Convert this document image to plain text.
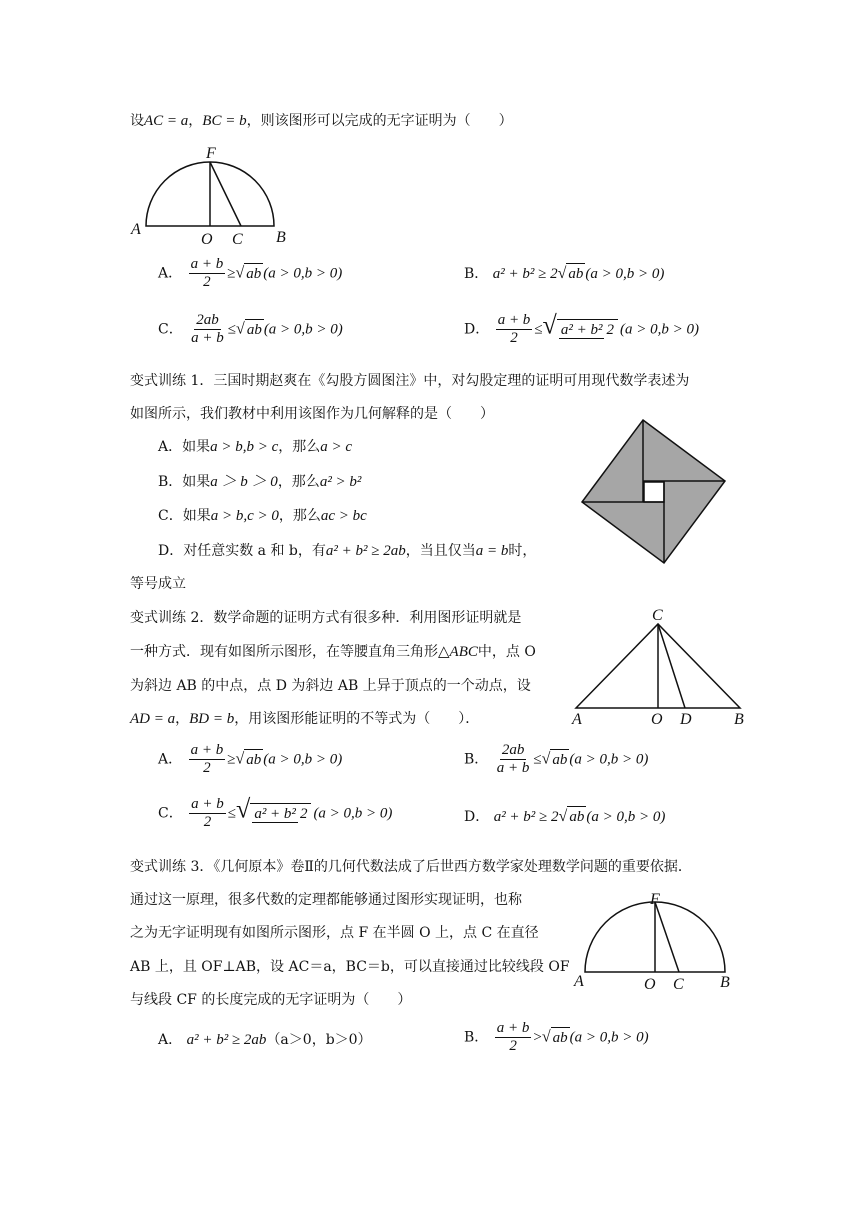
设AC = a，BC = b，则该图形可以完成的无字证明为（　　）
F
A
O C B
A． $\frac{a + b}{2}$ ≥√ ab (a > 0,b > 0)	B． a² + b² ≥ 2√ ab (a > 0,b > 0)
C． $\frac{2ab}{a + b}$ ≤√ ab (a > 0,b > 0)	D． $\frac{a + b}{2}$ ≤√ a² + b² 2 (a > 0,b > 0)
变式训练 1．三国时期赵爽在《勾股方圆图注》中，对勾股定理的证明可用现代数学表述为
如图所示，我们教材中利用该图作为几何解释的是（　　）
A．如果a > b,b > c，那么a > c
B．如果a ＞ b ＞ 0，那么a² > b²
C．如果a > b,c > 0，那么ac > bc
D．对任意实数 a 和 b，有a² + b² ≥ 2ab，当且仅当a = b时，
等号成立
变式训练 2．数学命题的证明方式有很多种．利用图形证明就是
一种方式．现有如图所示图形，在等腰直角三角形△ABC中，点 O
为斜边 AB 的中点，点 D 为斜边 AB 上异于顶点的一个动点，设
AD = a，BD = b，用该图形能证明的不等式为（　　）．
C
A	O D	B
A． $\frac{a + b}{2}$ ≥√ ab (a > 0,b > 0)	B． $\frac{2ab}{a + b}$ ≤√ ab (a > 0,b > 0)
C． $\frac{a + b}{2}$ ≤√ a² + b² 2 (a > 0,b > 0)	D． a² + b² ≥ 2√ ab (a > 0,b > 0)
变式训练 3．《几何原本》卷Ⅱ的几何代数法成了后世西方数学家处理数学问题的重要依据．
通过这一原理，很多代数的定理都能够通过图形实现证明，也称
之为无字证明现有如图所示图形，点 F 在半圆 O 上，点 C 在直径
AB 上，且 OF⊥AB，设 AC＝a，BC＝b，可以直接通过比较线段 OF
与线段 CF 的长度完成的无字证明为（　　）
F
A	O C B
A． a² + b² ≥ 2ab（a＞0，b＞0）	B． $\frac{a + b}{2}$ >√ ab (a > 0,b > 0)
